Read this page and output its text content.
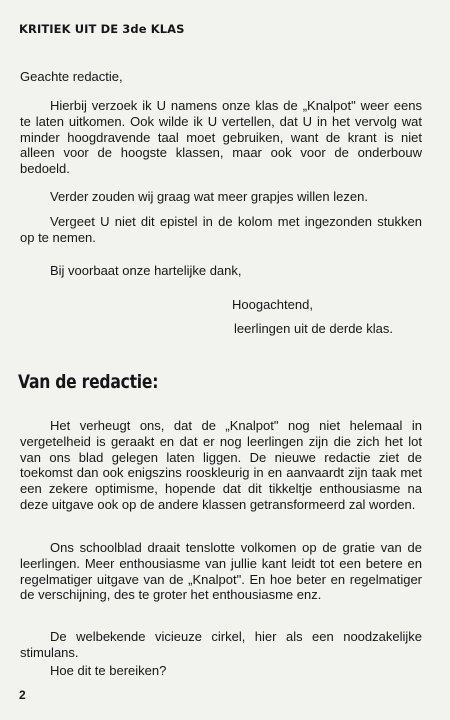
KRITIEK UIT DE 3de KLAS
Geachte redactie,

Hierbij verzoek ik U namens onze klas de „Knalpot" weer eens te laten uitkomen. Ook wilde ik U vertellen, dat U in het vervolg wat minder hoogdravende taal moet gebruiken, want de krant is niet alleen voor de hoogste klassen, maar ook voor de onderbouw bedoeld.

Verder zouden wij graag wat meer grapjes willen lezen.

Vergeet U niet dit epistel in de kolom met ingezonden stukken op te nemen.

Bij voorbaat onze hartelijke dank,

Hoogachtend,
leerlingen uit de derde klas.
Van de redactie:

Het verheugt ons, dat de „Knalpot" nog niet helemaal in vergetelheid is geraakt en dat er nog leerlingen zijn die zich het lot van ons blad gelegen laten liggen. De nieuwe redactie ziet de toekomst dan ook enigszins rooskleurig in en aanvaardt zijn taak met een zekere optimisme, hopende dat dit tikkeltje enthousiasme na deze uitgave ook op de andere klassen getransformeerd zal worden.

Ons schoolblad draait tenslotte volkomen op de gratie van de leerlingen. Meer enthousiasme van jullie kant leidt tot een betere en regelmatiger uitgave van de „Knalpot". En hoe beter en regelmatiger de verschijning, des te groter het enthousiasme enz.

De welbekende vicieuze cirkel, hier als een noodzakelijke stimulans.

Hoe dit te bereiken?
2
